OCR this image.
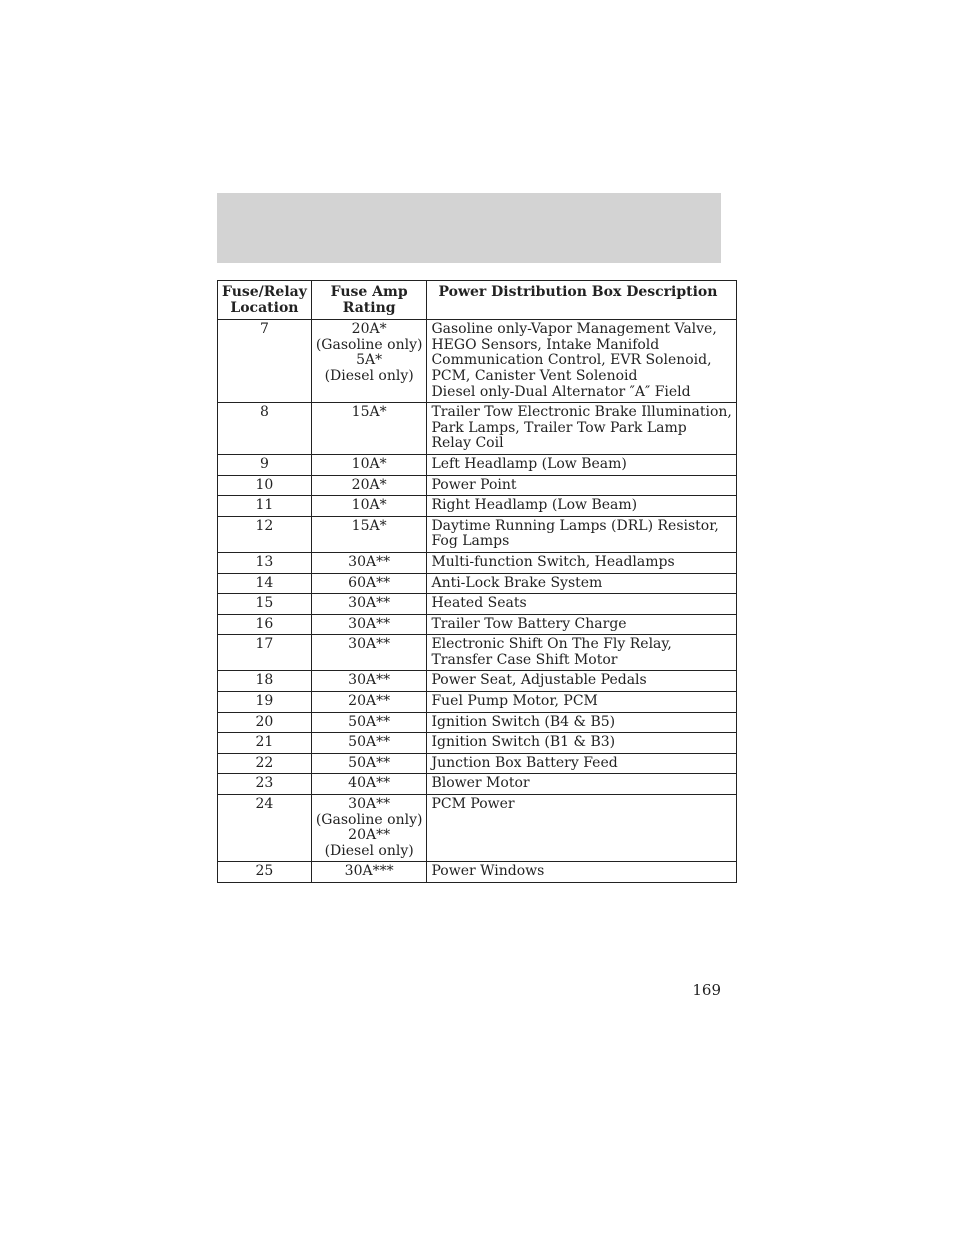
Fuse/Relay
Location	Fuse Amp
Rating	Power Distribution Box Description

7	20A*
(Gasoline only)
5A*
(Diesel only)	Gasoline only-Vapor Management Valve,
HEGO Sensors, Intake Manifold
Communication Control, EVR Solenoid,
PCM, Canister Vent Solenoid
Diesel only-Dual Alternator ″A″ Field

8	15A*	Trailer Tow Electronic Brake Illumination,
Park Lamps, Trailer Tow Park Lamp
Relay Coil

9	10A*	Left Headlamp (Low Beam)

10	20A*	Power Point

11	10A*	Right Headlamp (Low Beam)

12	15A*	Daytime Running Lamps (DRL) Resistor,
Fog Lamps

13	30A**	Multi-function Switch, Headlamps

14	60A**	Anti-Lock Brake System

15	30A**	Heated Seats

16	30A**	Trailer Tow Battery Charge

17	30A**	Electronic Shift On The Fly Relay,
Transfer Case Shift Motor

18	30A**	Power Seat, Adjustable Pedals

19	20A**	Fuel Pump Motor, PCM

20	50A**	Ignition Switch (B4 & B5)

21	50A**	Ignition Switch (B1 & B3)

22	50A**	Junction Box Battery Feed

23	40A**	Blower Motor

24	30A**
(Gasoline only)
20A**
(Diesel only)	PCM Power

25	30A***	Power Windows
169
